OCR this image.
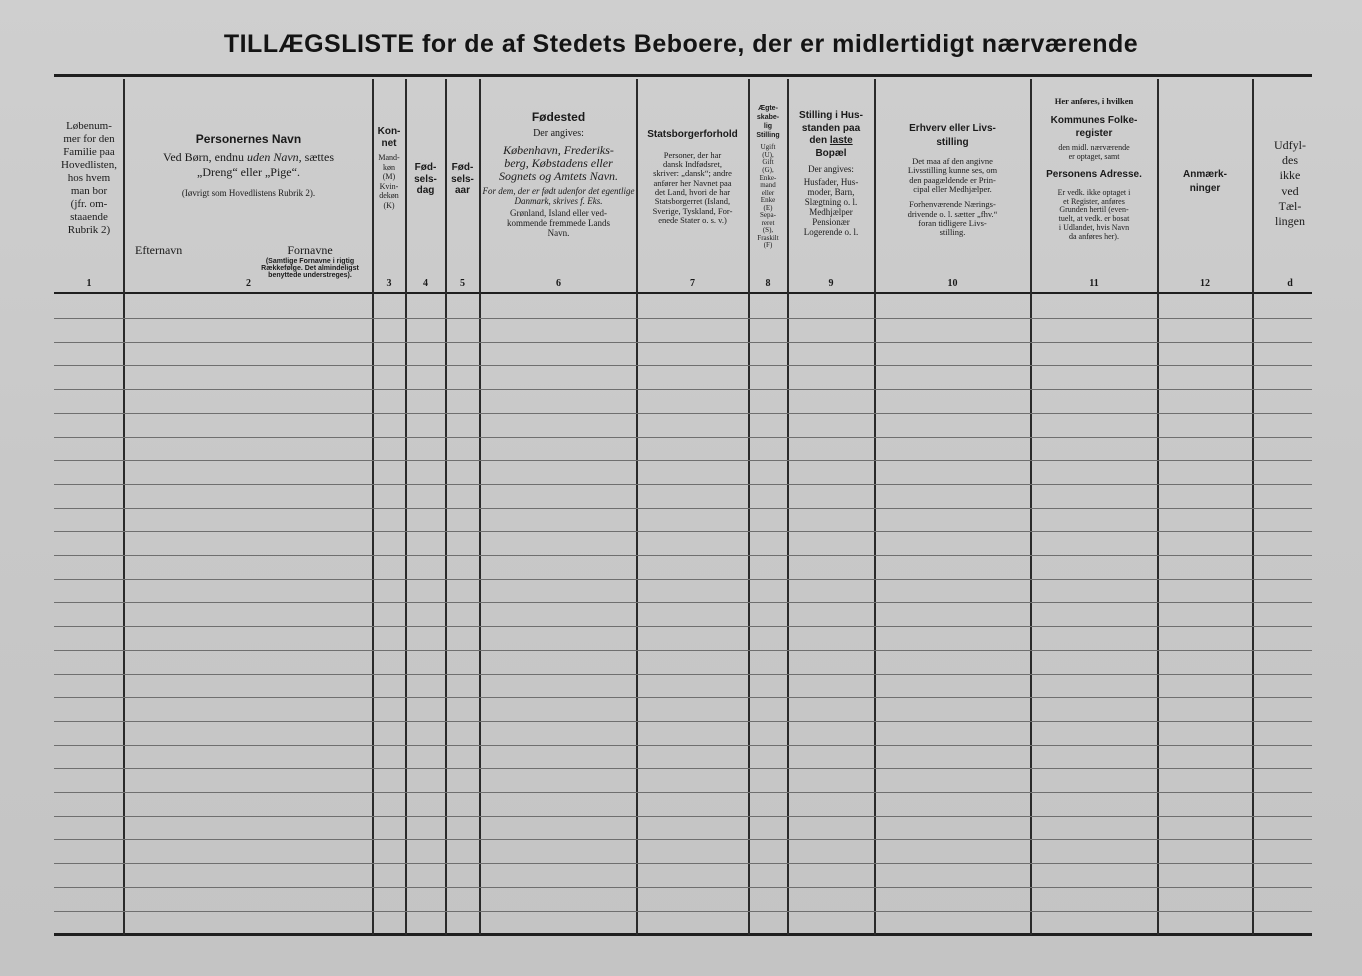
TILLÆGSLISTE for de af Stedets Beboere, der er midlertidigt nærværende
Løbenum-
mer for den
Familie paa
Hovedlisten,
hos hvem
man bor
(jfr. om-
staaende
Rubrik 2)
1

Personernes Navn

Ved Børn, endnu uden Navn, sættes
„Dreng“ eller „Pige“.
(Iøvrigt som Hovedlistens Rubrik 2).
Efternavn	Fornavne
(Samtlige Fornavne i rigtig Rækkefølge. Det almindeligst benyttede understreges).
2

Kon-
net

Mand-
køn
(M)
Kvin-
dekøn
(K)
3
Fød-
sels-
dag
4
Fød-
sels-
aar
5

Fødested

Der angives:

København, Frederiks-
berg, Købstadens eller
Sognets og Amtets Navn.

For dem, der er født udenfor det egentlige Danmark, skrives f. Eks.

Grønland, Island eller ved-
kommende fremmede Lands
Navn.
6

Statsborgerforhold

Personer, der har
dansk Indfødsret,
skriver: „dansk“; andre
anfører her Navnet paa
det Land, hvori de har
Statsborgerret (Island,
Sverige, Tyskland, For-
enede Stater o. s. v.)
7

Ægte-
skabe-
lig
Stilling

Ugift
(U),
Gift
(G),
Enke-
mand
eller
Enke
(E)
Sepa-
reret
(S),
Fraskilt
(F)
8

Stilling i Hus-
standen paa
den laste
Bopæl

Der angives:

Husfader, Hus-
moder, Barn,
Slægtning o. l.
Medhjælper
Pensionær
Logerende o. l.
9

Erhverv eller Livs-
stilling

Det maa af den angivne
Livsstilling kunne ses, om
den paagældende er Prin-
cipal eller Medhjælper.

Forhenværende Nærings-
drivende o. l. sætter „fhv.“
foran tidligere Livs-
stilling.
10

Her anføres, i hvilken

Kommunes Folke-
register

den midl. nærværende
er optaget, samt

Personens Adresse.

Er vedk. ikke optaget i
et Register, anføres
Grunden hertil (even-
tuelt, at vedk. er bosat
i Udlandet, hvis Navn
da anføres her).
11
Anmærk-
ninger
12
Udfyl-
des
ikke
ved
Tæl-
lingen
d
